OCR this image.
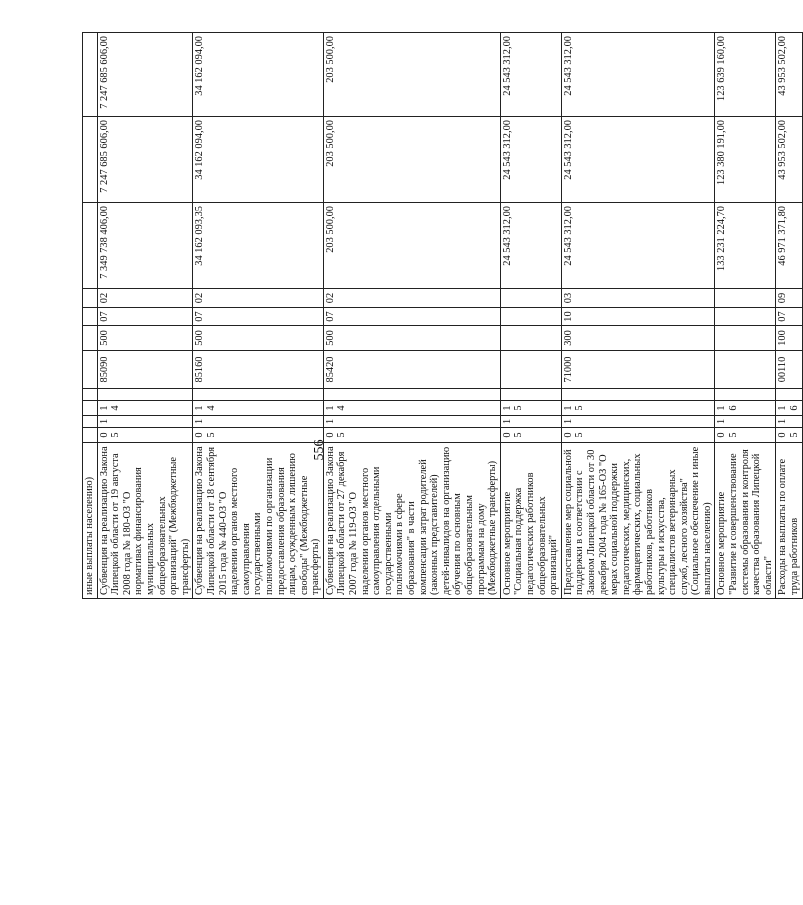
556
иные выплаты населению)											
Субвенция на реализацию Закона Липецкой области от 19 августа 2008 года № 180-ОЗ "О нормативах финансирования муниципальных общеобразовательных организаций" (Межбюджетные трансферты)	05	1	14		85090	500	07	02	7 349 738 406,00	7 247 685 606,00	7 247 685 606,00
Субвенция на реализацию Закона Липецкой области от 18 сентября 2015 года № 440-ОЗ "О наделении органов местного самоуправления государственными полномочиями по организации предоставления образования лицам, осужденным к лишению свободы" (Межбюджетные трансферты)	05	1	14		85160	500	07	02	34 162 093,35	34 162 094,00	34 162 094,00
Субвенция на реализацию Закона Липецкой области от 27 декабря 2007 года № 119-ОЗ "О наделении органов местного самоуправления отдельными государственными полномочиями в сфере образования" в части компенсации затрат родителей (законных представителей) детей-инвалидов на организацию обучения по основным общеобразовательным программам на дому (Межбюджетные трансферты)	05	1	14		85420	500	07	02	203 500,00	203 500,00	203 500,00
Основное мероприятие "Социальная поддержка педагогических работников общеобразовательных организаций"	05	1	15						24 543 312,00	24 543 312,00	24 543 312,00
Предоставление мер социальной поддержки в соответствии с Законом Липецкой области от 30 декабря 2004 года № 165-ОЗ "О мерах социальной поддержки педагогических, медицинских, фармацевтических, социальных работников, работников культуры и искусства, специалистов ветеринарных служб, лесного хозяйства" (Социальное обеспечение и иные выплаты населению)	05	1	15		71000	300	10	03	24 543 312,00	24 543 312,00	24 543 312,00
Основное мероприятие "Развитие и совершенствование системы образования и контроля качества образования Липецкой области"	05	1	16						133 231 224,70	123 380 191,00	123 639 160,00
Расходы на выплаты по оплате труда работников	05	1	16		00110	100	07	09	46 971 371,80	43 953 502,00	43 953 502,00
